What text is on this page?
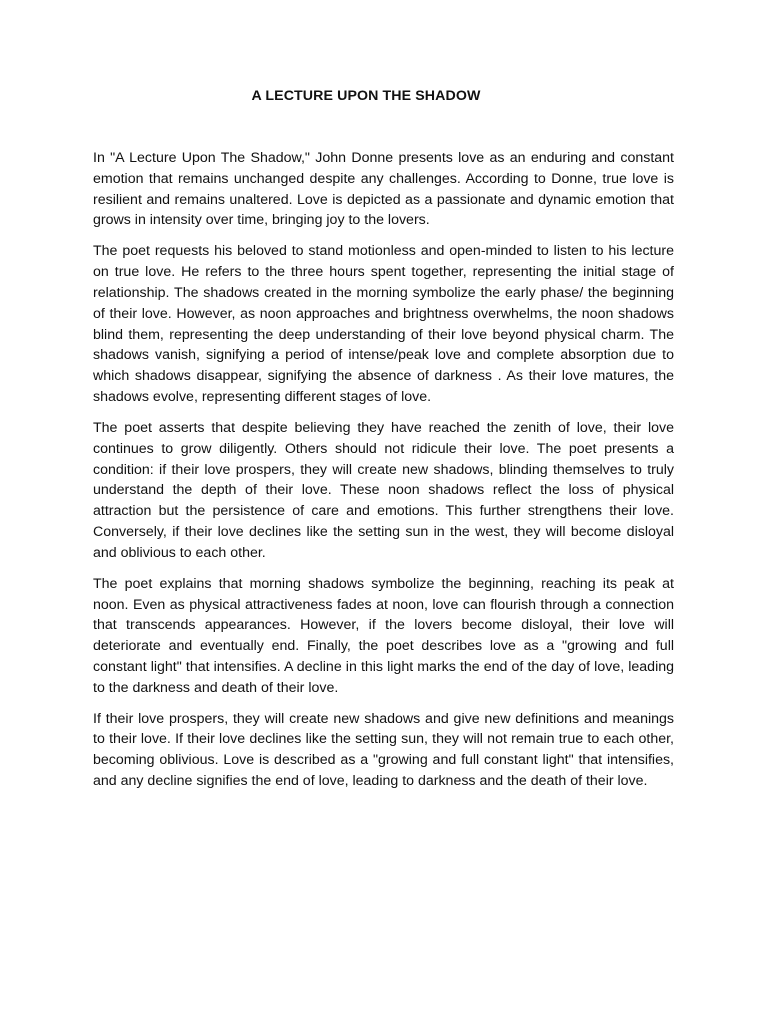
A LECTURE UPON THE SHADOW

In "A Lecture Upon The Shadow," John Donne presents love as an enduring and constant emotion that remains unchanged despite any challenges. According to Donne, true love is resilient and remains unaltered. Love is depicted as a passionate and dynamic emotion that grows in intensity over time, bringing joy to the lovers.

The poet requests his beloved to stand motionless and open-minded to listen to his lecture on true love. He refers to the three hours spent together, representing the initial stage of relationship. The shadows created in the morning symbolize the early phase/ the beginning of their love. However, as noon approaches and brightness overwhelms, the noon shadows blind them, representing the deep understanding of their love beyond physical charm. The shadows vanish, signifying a period of intense/peak love and complete absorption due to which shadows disappear, signifying the absence of darkness . As their love matures, the shadows evolve, representing different stages of love.

The poet asserts that despite believing they have reached the zenith of love, their love continues to grow diligently. Others should not ridicule their love. The poet presents a condition: if their love prospers, they will create new shadows, blinding themselves to truly understand the depth of their love. These noon shadows reflect the loss of physical attraction but the persistence of care and emotions. This further strengthens their love. Conversely, if their love declines like the setting sun in the west, they will become disloyal and oblivious to each other.

The poet explains that morning shadows symbolize the beginning, reaching its peak at noon. Even as physical attractiveness fades at noon, love can flourish through a connection that transcends appearances. However, if the lovers become disloyal, their love will deteriorate and eventually end. Finally, the poet describes love as a "growing and full constant light" that intensifies. A decline in this light marks the end of the day of love, leading to the darkness and death of their love.

If their love prospers, they will create new shadows and give new definitions and meanings to their love. If their love declines like the setting sun, they will not remain true to each other, becoming oblivious. Love is described as a "growing and full constant light" that intensifies, and any decline signifies the end of love, leading to darkness and the death of their love.
